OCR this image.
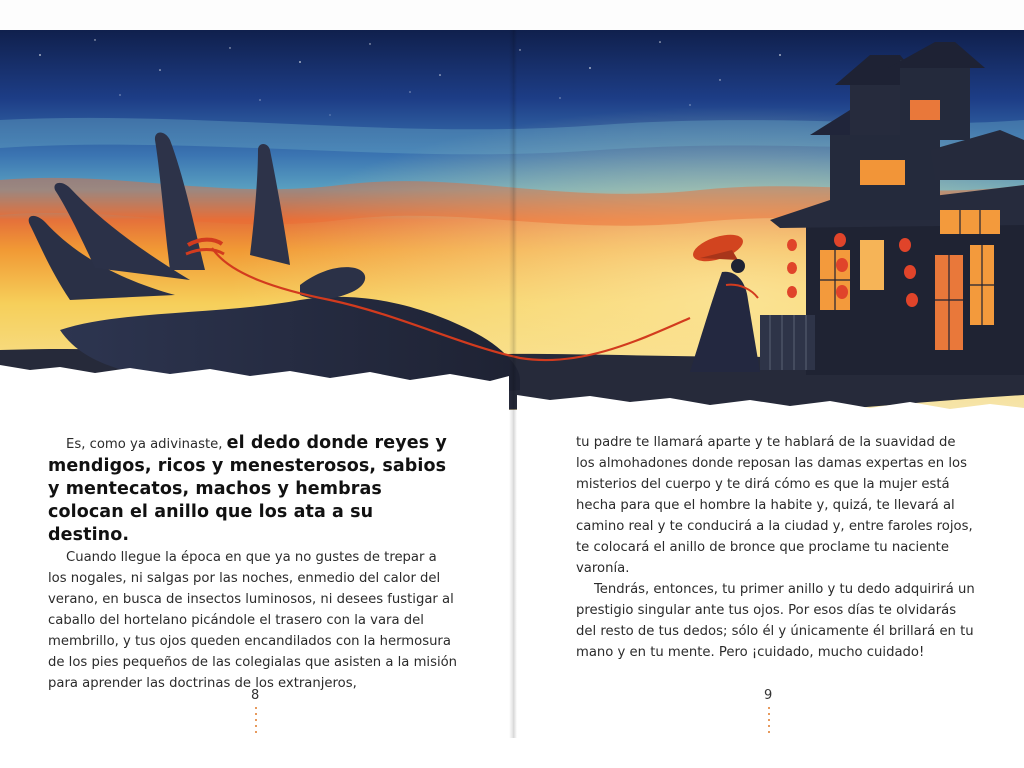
Es, como ya adivinaste, el dedo donde reyes y mendigos, ricos y menesterosos, sabios y mentecatos, machos y hembras colocan el anillo que los ata a su destino.

Cuando llegue la época en que ya no gustes de trepar a los nogales, ni salgas por las noches, enmedio del calor del verano, en busca de insectos luminosos, ni desees fustigar al caballo del hortelano picándole el trasero con la vara del membrillo, y tus ojos queden encandilados con la hermosura de los pies pequeños de las colegialas que asisten a la misión para aprender las doctrinas de los extranjeros,

tu padre te llamará aparte y te hablará de la suavidad de los almohadones donde reposan las damas expertas en los misterios del cuerpo y te dirá cómo es que la mujer está hecha para que el hombre la habite y, quizá, te llevará al camino real y te conducirá a la ciudad y, entre faroles rojos, te colocará el anillo de bronce que proclame tu naciente varonía.

Tendrás, entonces, tu primer anillo y tu dedo adquirirá un prestigio singular ante tus ojos. Por esos días te olvidarás del resto de tus dedos; sólo él y únicamente él brillará en tu mano y en tu mente. Pero ¡cuidado, mucho cuidado!

8	9
